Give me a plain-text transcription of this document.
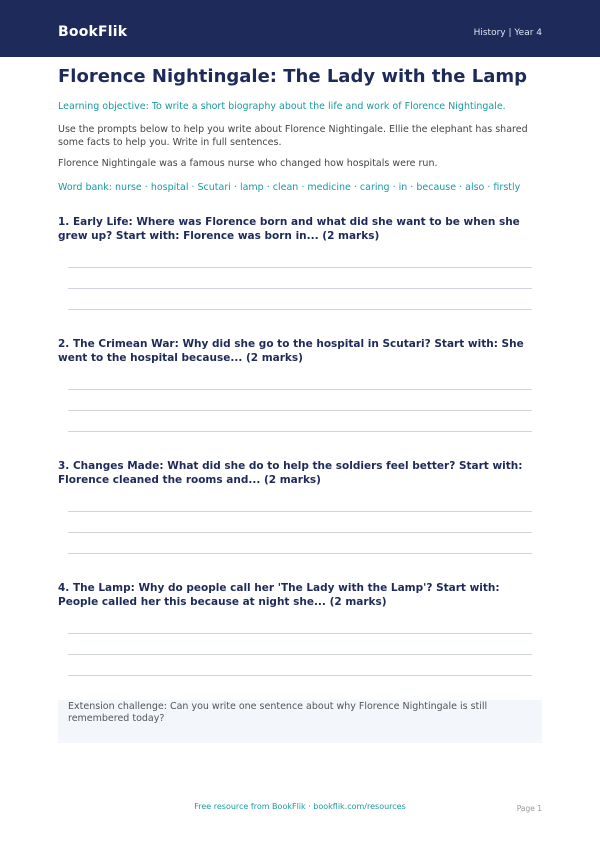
BookFlik	History | Year 4
Florence Nightingale: The Lady with the Lamp
Learning objective: To write a short biography about the life and work of Florence Nightingale.
Use the prompts below to help you write about Florence Nightingale. Ellie the elephant has shared some facts to help you. Write in full sentences.
Florence Nightingale was a famous nurse who changed how hospitals were run.
Word bank: nurse · hospital · Scutari · lamp · clean · medicine · caring · in · because · also · firstly
1. Early Life: Where was Florence born and what did she want to be when she grew up? Start with: Florence was born in... (2 marks)
2. The Crimean War: Why did she go to the hospital in Scutari? Start with: She went to the hospital because... (2 marks)
3. Changes Made: What did she do to help the soldiers feel better? Start with: Florence cleaned the rooms and... (2 marks)
4. The Lamp: Why do people call her 'The Lady with the Lamp'? Start with: People called her this because at night she... (2 marks)
Extension challenge: Can you write one sentence about why Florence Nightingale is still remembered today?
Free resource from BookFlik · bookflik.com/resources	Page 1
